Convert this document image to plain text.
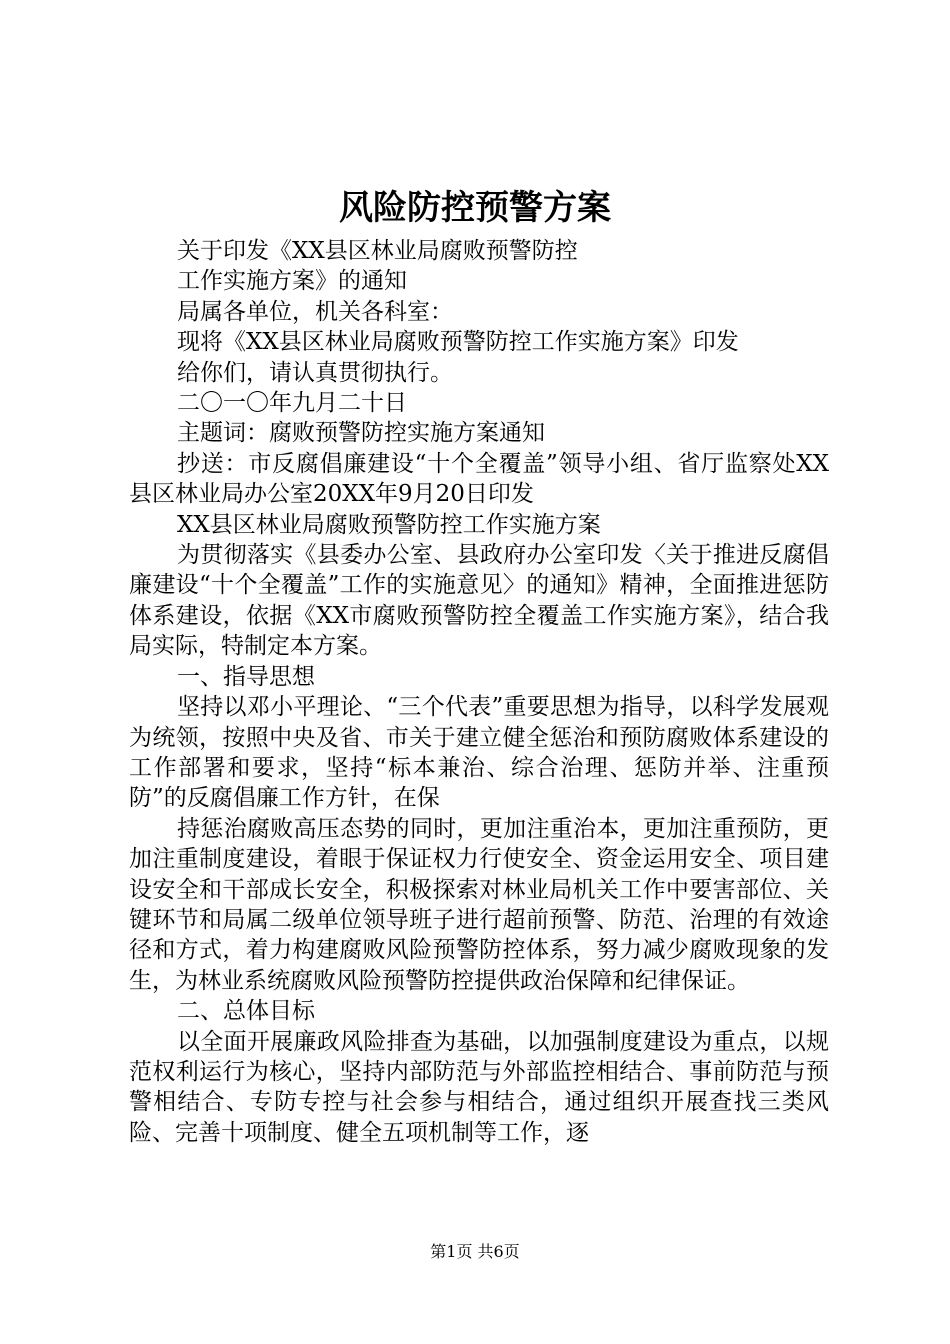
风险防控预警方案

关于印发《XX县区林业局腐败预警防控

工作实施方案》的通知

局属各单位，机关各科室：

现将《XX县区林业局腐败预警防控工作实施方案》印发

给你们，请认真贯彻执行。

二〇一〇年九月二十日

主题词：腐败预警防控实施方案通知

抄送：市反腐倡廉建设“十个全覆盖”领导小组、省厅监察处XX县区林业局办公室20XX年9月20日印发

XX县区林业局腐败预警防控工作实施方案

为贯彻落实《县委办公室、县政府办公室印发〈关于推进反腐倡廉建设“十个全覆盖”工作的实施意见〉的通知》精神，全面推进惩防体系建设，依据《XX市腐败预警防控全覆盖工作实施方案》，结合我局实际，特制定本方案。

一、指导思想

坚持以邓小平理论、“三个代表”重要思想为指导，以科学发展观为统领，按照中央及省、市关于建立健全惩治和预防腐败体系建设的工作部署和要求，坚持“标本兼治、综合治理、惩防并举、注重预防”的反腐倡廉工作方针，在保

持惩治腐败高压态势的同时，更加注重治本，更加注重预防，更加注重制度建设，着眼于保证权力行使安全、资金运用安全、项目建设安全和干部成长安全，积极探索对林业局机关工作中要害部位、关键环节和局属二级单位领导班子进行超前预警、防范、治理的有效途径和方式，着力构建腐败风险预警防控体系，努力减少腐败现象的发生，为林业系统腐败风险预警防控提供政治保障和纪律保证。

二、总体目标

以全面开展廉政风险排查为基础，以加强制度建设为重点，以规范权利运行为核心，坚持内部防范与外部监控相结合、事前防范与预警相结合、专防专控与社会参与相结合，通过组织开展查找三类风险、完善十项制度、健全五项机制等工作，逐

第1页 共6页
